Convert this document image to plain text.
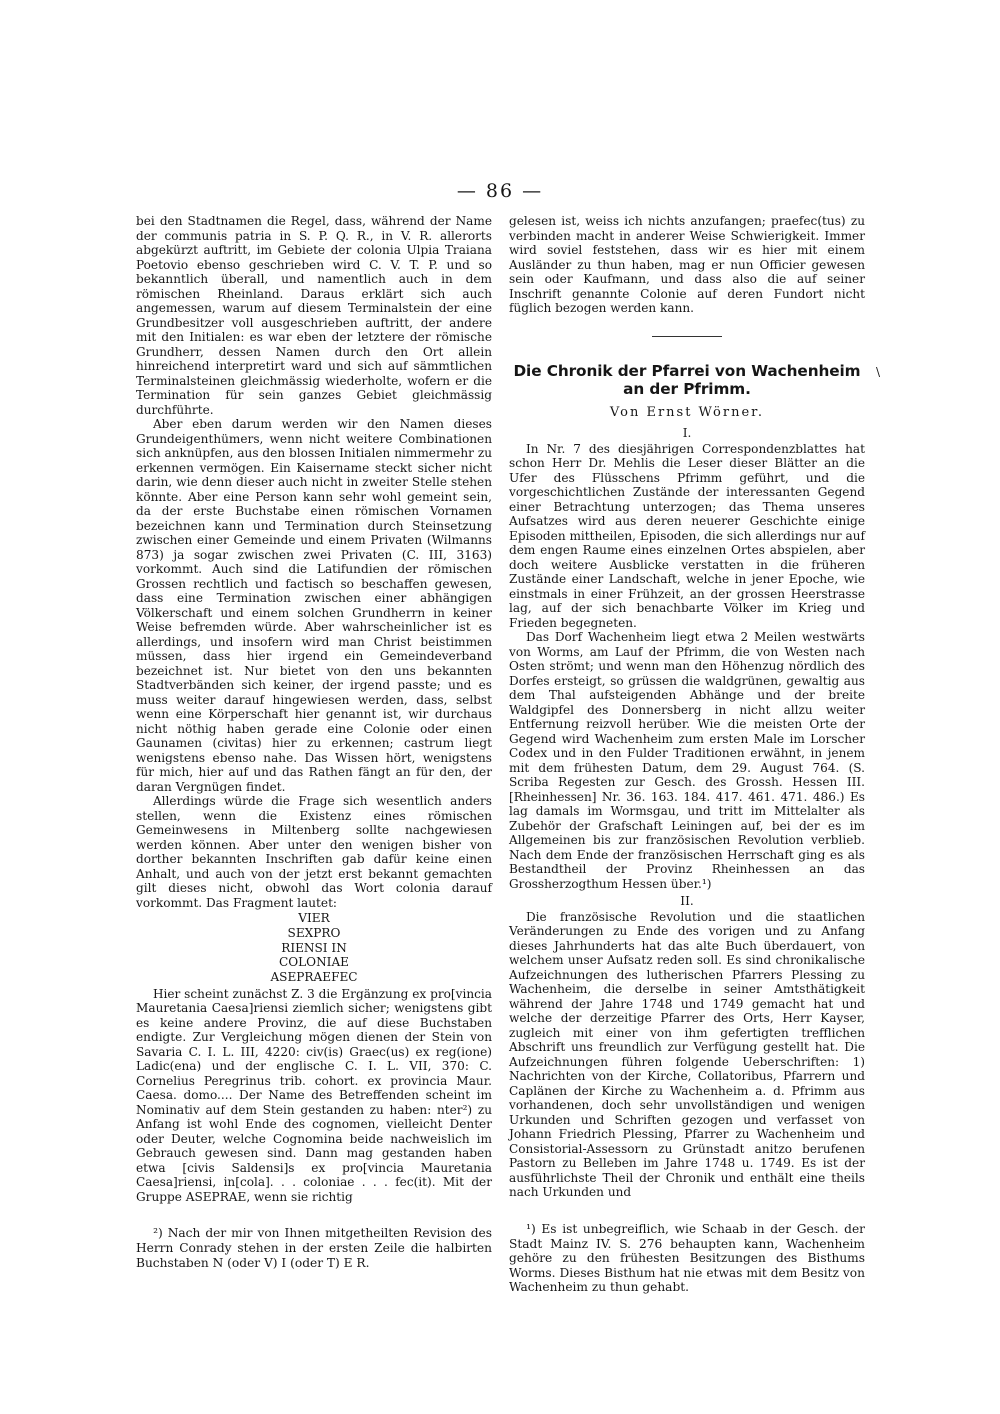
— 86 —

bei den Stadtnamen die Regel, dass, während der Name der communis patria in S. P. Q. R., in V. R. allerorts abgekürzt auftritt, im Gebiete der colonia Ulpia Traiana Poetovio ebenso geschrieben wird C. V. T. P. und so bekanntlich überall, und namentlich auch in dem römischen Rheinland. Daraus erklärt sich auch angemessen, warum auf diesem Terminalstein der eine Grundbesitzer voll ausgeschrieben auftritt, der andere mit den Initialen: es war eben der letztere der römische Grundherr, dessen Namen durch den Ort allein hinreichend interpretirt ward und sich auf sämmtlichen Terminalsteinen gleichmässig wiederholte, wofern er die Termination für sein ganzes Gebiet gleichmässig durchführte.

Aber eben darum werden wir den Namen dieses Grundeigenthümers, wenn nicht weitere Combinationen sich anknüpfen, aus den blossen Initialen nimmermehr zu erkennen vermögen. Ein Kaisername steckt sicher nicht darin, wie denn dieser auch nicht in zweiter Stelle stehen könnte. Aber eine Person kann sehr wohl gemeint sein, da der erste Buchstabe einen römischen Vornamen bezeichnen kann und Termination durch Steinsetzung zwischen einer Gemeinde und einem Privaten (Wilmanns 873) ja sogar zwischen zwei Privaten (C. III, 3163) vorkommt. Auch sind die Latifundien der römischen Grossen rechtlich und factisch so beschaffen gewesen, dass eine Termination zwischen einer abhängigen Völkerschaft und einem solchen Grundherrn in keiner Weise befremden würde. Aber wahrscheinlicher ist es allerdings, und insofern wird man Christ beistimmen müssen, dass hier irgend ein Gemeindeverband bezeichnet ist. Nur bietet von den uns bekannten Stadtverbänden sich keiner, der irgend passte; und es muss weiter darauf hingewiesen werden, dass, selbst wenn eine Körperschaft hier genannt ist, wir durchaus nicht nöthig haben gerade eine Colonie oder einen Gaunamen (civitas) hier zu erkennen; castrum liegt wenigstens ebenso nahe. Das Wissen hört, wenigstens für mich, hier auf und das Rathen fängt an für den, der daran Vergnügen findet.

Allerdings würde die Frage sich wesentlich anders stellen, wenn die Existenz eines römischen Gemeinwesens in Miltenberg sollte nachgewiesen werden können. Aber unter den wenigen bisher von dorther bekannten Inschriften gab dafür keine einen Anhalt, und auch von der jetzt erst bekannt gemachten gilt dieses nicht, obwohl das Wort colonia darauf vorkommt. Das Fragment lautet:

VIER
SEXPRO
RIENSI IN
COLONIAE
ASEPRAEFEC

Hier scheint zunächst Z. 3 die Ergänzung ex pro[vincia Mauretania Caesa]riensi ziemlich sicher; wenigstens gibt es keine andere Provinz, die auf diese Buchstaben endigte. Zur Vergleichung mögen dienen der Stein von Savaria C. I. L. III, 4220: civ(is) Graec(us) ex reg(ione) Ladic(ena) und der englische C. I. L. VII, 370: C. Cornelius Peregrinus trib. cohort. ex provincia Maur. Caesa. domo.... Der Name des Betreffenden scheint im Nominativ auf dem Stein gestanden zu haben: nter²) zu Anfang ist wohl Ende des cognomen, vielleicht Denter oder Deuter, welche Cognomina beide nachweislich im Gebrauch gewesen sind. Dann mag gestanden haben etwa [civis Saldensi]s ex pro[vincia Mauretania Caesa]riensi, in[cola]. . . coloniae . . . fec(it). Mit der Gruppe ASEPRAE, wenn sie richtig

²) Nach der mir von Ihnen mitgetheilten Revision des Herrn Conrady stehen in der ersten Zeile die halbirten Buchstaben N (oder V) I (oder T) E R.

gelesen ist, weiss ich nichts anzufangen; praefec(tus) zu verbinden macht in anderer Weise Schwierigkeit. Immer wird soviel feststehen, dass wir es hier mit einem Ausländer zu thun haben, mag er nun Officier gewesen sein oder Kaufmann, und dass also die auf seiner Inschrift genannte Colonie auf deren Fundort nicht füglich bezogen werden kann.

Die Chronik der Pfarrei von Wachenheim an der Pfrimm.
Von Ernst Wörner.
I.

In Nr. 7 des diesjährigen Correspondenzblattes hat schon Herr Dr. Mehlis die Leser dieser Blätter an die Ufer des Flüsschens Pfrimm geführt, und die vorgeschichtlichen Zustände der interessanten Gegend einer Betrachtung unterzogen; das Thema unseres Aufsatzes wird aus deren neuerer Geschichte einige Episoden mittheilen, Episoden, die sich allerdings nur auf dem engen Raume eines einzelnen Ortes abspielen, aber doch weitere Ausblicke verstatten in die früheren Zustände einer Landschaft, welche in jener Epoche, wie einstmals in einer Frühzeit, an der grossen Heerstrasse lag, auf der sich benachbarte Völker im Krieg und Frieden begegneten.

Das Dorf Wachenheim liegt etwa 2 Meilen westwärts von Worms, am Lauf der Pfrimm, die von Westen nach Osten strömt; und wenn man den Höhenzug nördlich des Dorfes ersteigt, so grüssen die waldgrünen, gewaltig aus dem Thal aufsteigenden Abhänge und der breite Waldgipfel des Donnersberg in nicht allzu weiter Entfernung reizvoll herüber. Wie die meisten Orte der Gegend wird Wachenheim zum ersten Male im Lorscher Codex und in den Fulder Traditionen erwähnt, in jenem mit dem frühesten Datum, dem 29. August 764. (S. Scriba Regesten zur Gesch. des Grossh. Hessen III. [Rheinhessen] Nr. 36. 163. 184. 417. 461. 471. 486.) Es lag damals im Wormsgau, und tritt im Mittelalter als Zubehör der Grafschaft Leiningen auf, bei der es im Allgemeinen bis zur französischen Revolution verblieb. Nach dem Ende der französischen Herrschaft ging es als Bestandtheil der Provinz Rheinhessen an das Grossherzogthum Hessen über.¹)

II.

Die französische Revolution und die staatlichen Veränderungen zu Ende des vorigen und zu Anfang dieses Jahrhunderts hat das alte Buch überdauert, von welchem unser Aufsatz reden soll. Es sind chronikalische Aufzeichnungen des lutherischen Pfarrers Plessing zu Wachenheim, die derselbe in seiner Amtsthätigkeit während der Jahre 1748 und 1749 gemacht hat und welche der derzeitige Pfarrer des Orts, Herr Kayser, zugleich mit einer von ihm gefertigten trefflichen Abschrift uns freundlich zur Verfügung gestellt hat. Die Aufzeichnungen führen folgende Ueberschriften: 1) Nachrichten von der Kirche, Collatoribus, Pfarrern und Caplänen der Kirche zu Wachenheim a. d. Pfrimm aus vorhandenen, doch sehr unvollständigen und wenigen Urkunden und Schriften gezogen und verfasset von Johann Friedrich Plessing, Pfarrer zu Wachenheim und Consistorial-Assessorn zu Grünstadt anitzo berufenen Pastorn zu Belleben im Jahre 1748 u. 1749. Es ist der ausführlichste Theil der Chronik und enthält eine theils nach Urkunden und

¹) Es ist unbegreiflich, wie Schaab in der Gesch. der Stadt Mainz IV. S. 276 behaupten kann, Wachenheim gehöre zu den frühesten Besitzungen des Bisthums Worms. Dieses Bisthum hat nie etwas mit dem Besitz von Wachenheim zu thun gehabt.

\
